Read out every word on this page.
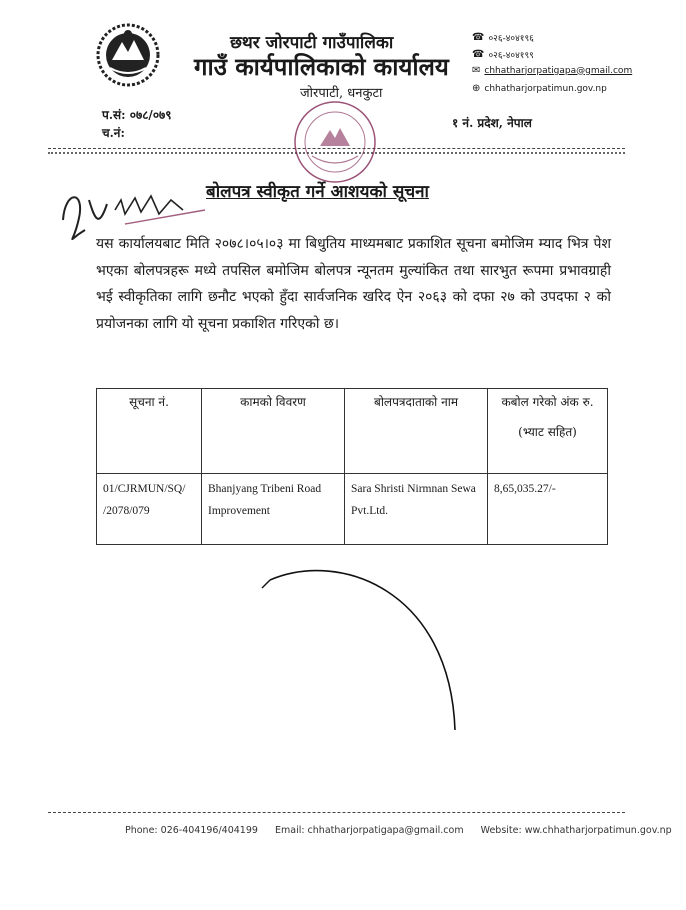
छथर जोरपाटी गाउँपालिका
गाउँ कार्यपालिकाको कार्यालय
जोरपाटी, धनकुटा
☎ ०२६-४०४१९६
☎ ०२६-४०४१९९
✉ chhatharjorpatigapa@gmail.com
⊕ chhatharjorpatimun.gov.np
प.सं: ०७८/०७९
च.नं:
१ नं. प्रदेश, नेपाल
बोलपत्र स्वीकृत गर्ने आशयको सूचना
यस कार्यालयबाट मिति २०७८।०५।०३ मा बिधुतिय माध्यमबाट प्रकाशित सूचना बमोजिम म्याद भित्र पेश भएका बोलपत्रहरू मध्ये तपसिल बमोजिम बोलपत्र न्यूनतम मुल्यांकित तथा सारभुत रूपमा प्रभावग्राही भई स्वीकृतिका लागि छनौट भएको हुँदा सार्वजनिक खरिद ऐन २०६३ को दफा २७ को उपदफा २ को प्रयोजनका लागि यो सूचना प्रकाशित गरिएको छ।
सूचना नं.	कामको विवरण	बोलपत्रदाताको नाम	कबोल गरेको अंक रु.
(भ्याट सहित)

01/CJRMUN/SQ/
/2078/079	Bhanjyang Tribeni Road Improvement	Sara Shristi Nirmnan Sewa Pvt.Ltd.	8,65,035.27/-
Phone: 026-404196/404199 Email: chhatharjorpatigapa@gmail.com Website: ww.chhatharjorpatimun.gov.np
